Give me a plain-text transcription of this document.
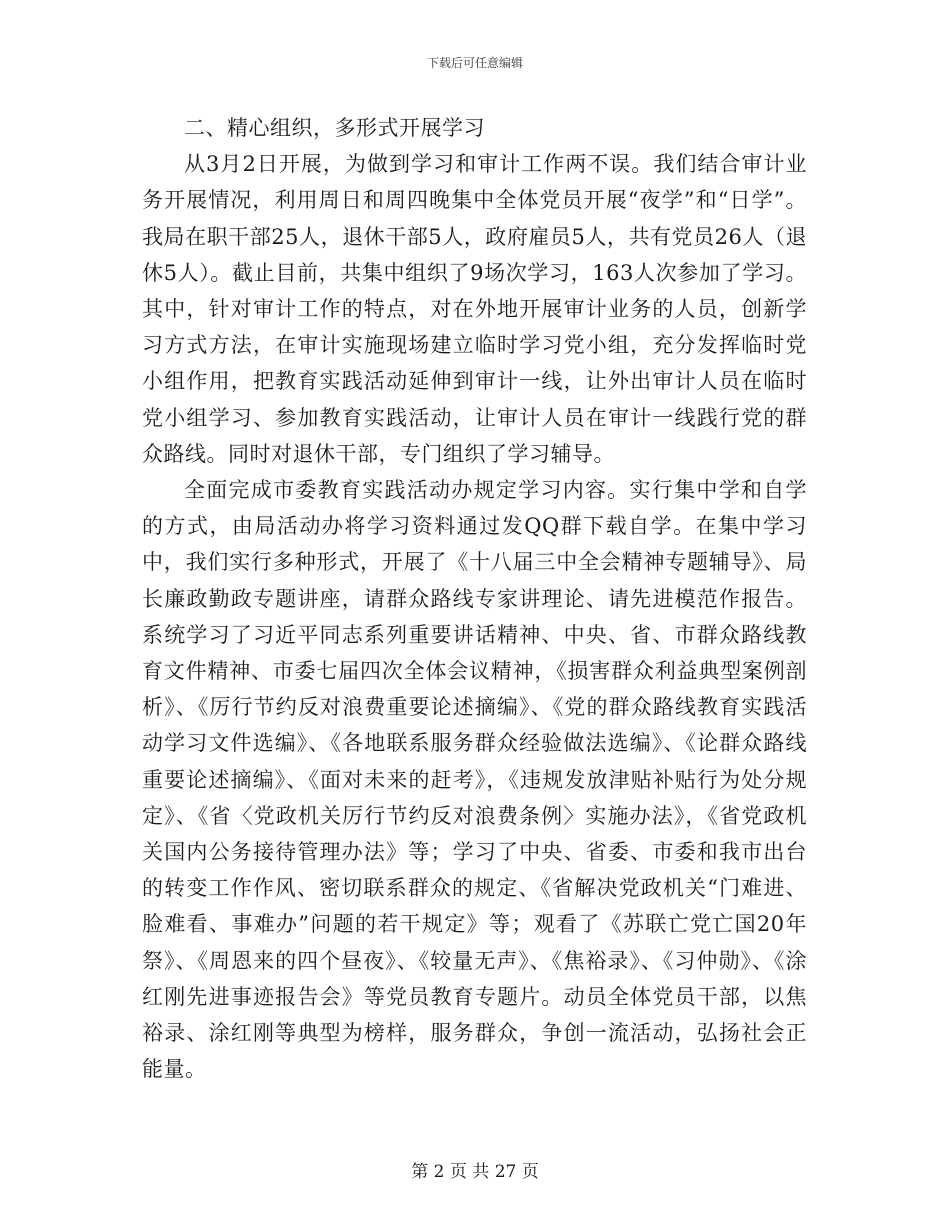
下载后可任意编辑

二、精心组织，多形式开展学习

从3月2日开展，为做到学习和审计工作两不误。我们结合审计业务开展情况，利用周日和周四晚集中全体党员开展“夜学”和“日学”。我局在职干部25人，退休干部5人，政府雇员5人，共有党员26人（退休5人）。截止目前，共集中组织了9场次学习，163人次参加了学习。其中，针对审计工作的特点，对在外地开展审计业务的人员，创新学习方式方法，在审计实施现场建立临时学习党小组，充分发挥临时党小组作用，把教育实践活动延伸到审计一线，让外出审计人员在临时党小组学习、参加教育实践活动，让审计人员在审计一线践行党的群众路线。同时对退休干部，专门组织了学习辅导。

全面完成市委教育实践活动办规定学习内容。实行集中学和自学的方式，由局活动办将学习资料通过发QQ群下载自学。在集中学习中，我们实行多种形式，开展了《十八届三中全会精神专题辅导》、局长廉政勤政专题讲座，请群众路线专家讲理论、请先进模范作报告。系统学习了习近平同志系列重要讲话精神、中央、省、市群众路线教育文件精神、市委七届四次全体会议精神，《损害群众利益典型案例剖析》、《厉行节约反对浪费重要论述摘编》、《党的群众路线教育实践活动学习文件选编》、《各地联系服务群众经验做法选编》、《论群众路线重要论述摘编》、《面对未来的赶考》，《违规发放津贴补贴行为处分规定》、《省〈党政机关厉行节约反对浪费条例〉实施办法》，《省党政机关国内公务接待管理办法》等；学习了中央、省委、市委和我市出台的转变工作作风、密切联系群众的规定、《省解决党政机关“门难进、脸难看、事难办”问题的若干规定》等；观看了《苏联亡党亡国20年祭》、《周恩来的四个昼夜》、《较量无声》、《焦裕录》、《习仲勋》、《涂红刚先进事迹报告会》等党员教育专题片。动员全体党员干部，以焦裕录、涂红刚等典型为榜样，服务群众，争创一流活动，弘扬社会正能量。

第 2 页 共 27 页
